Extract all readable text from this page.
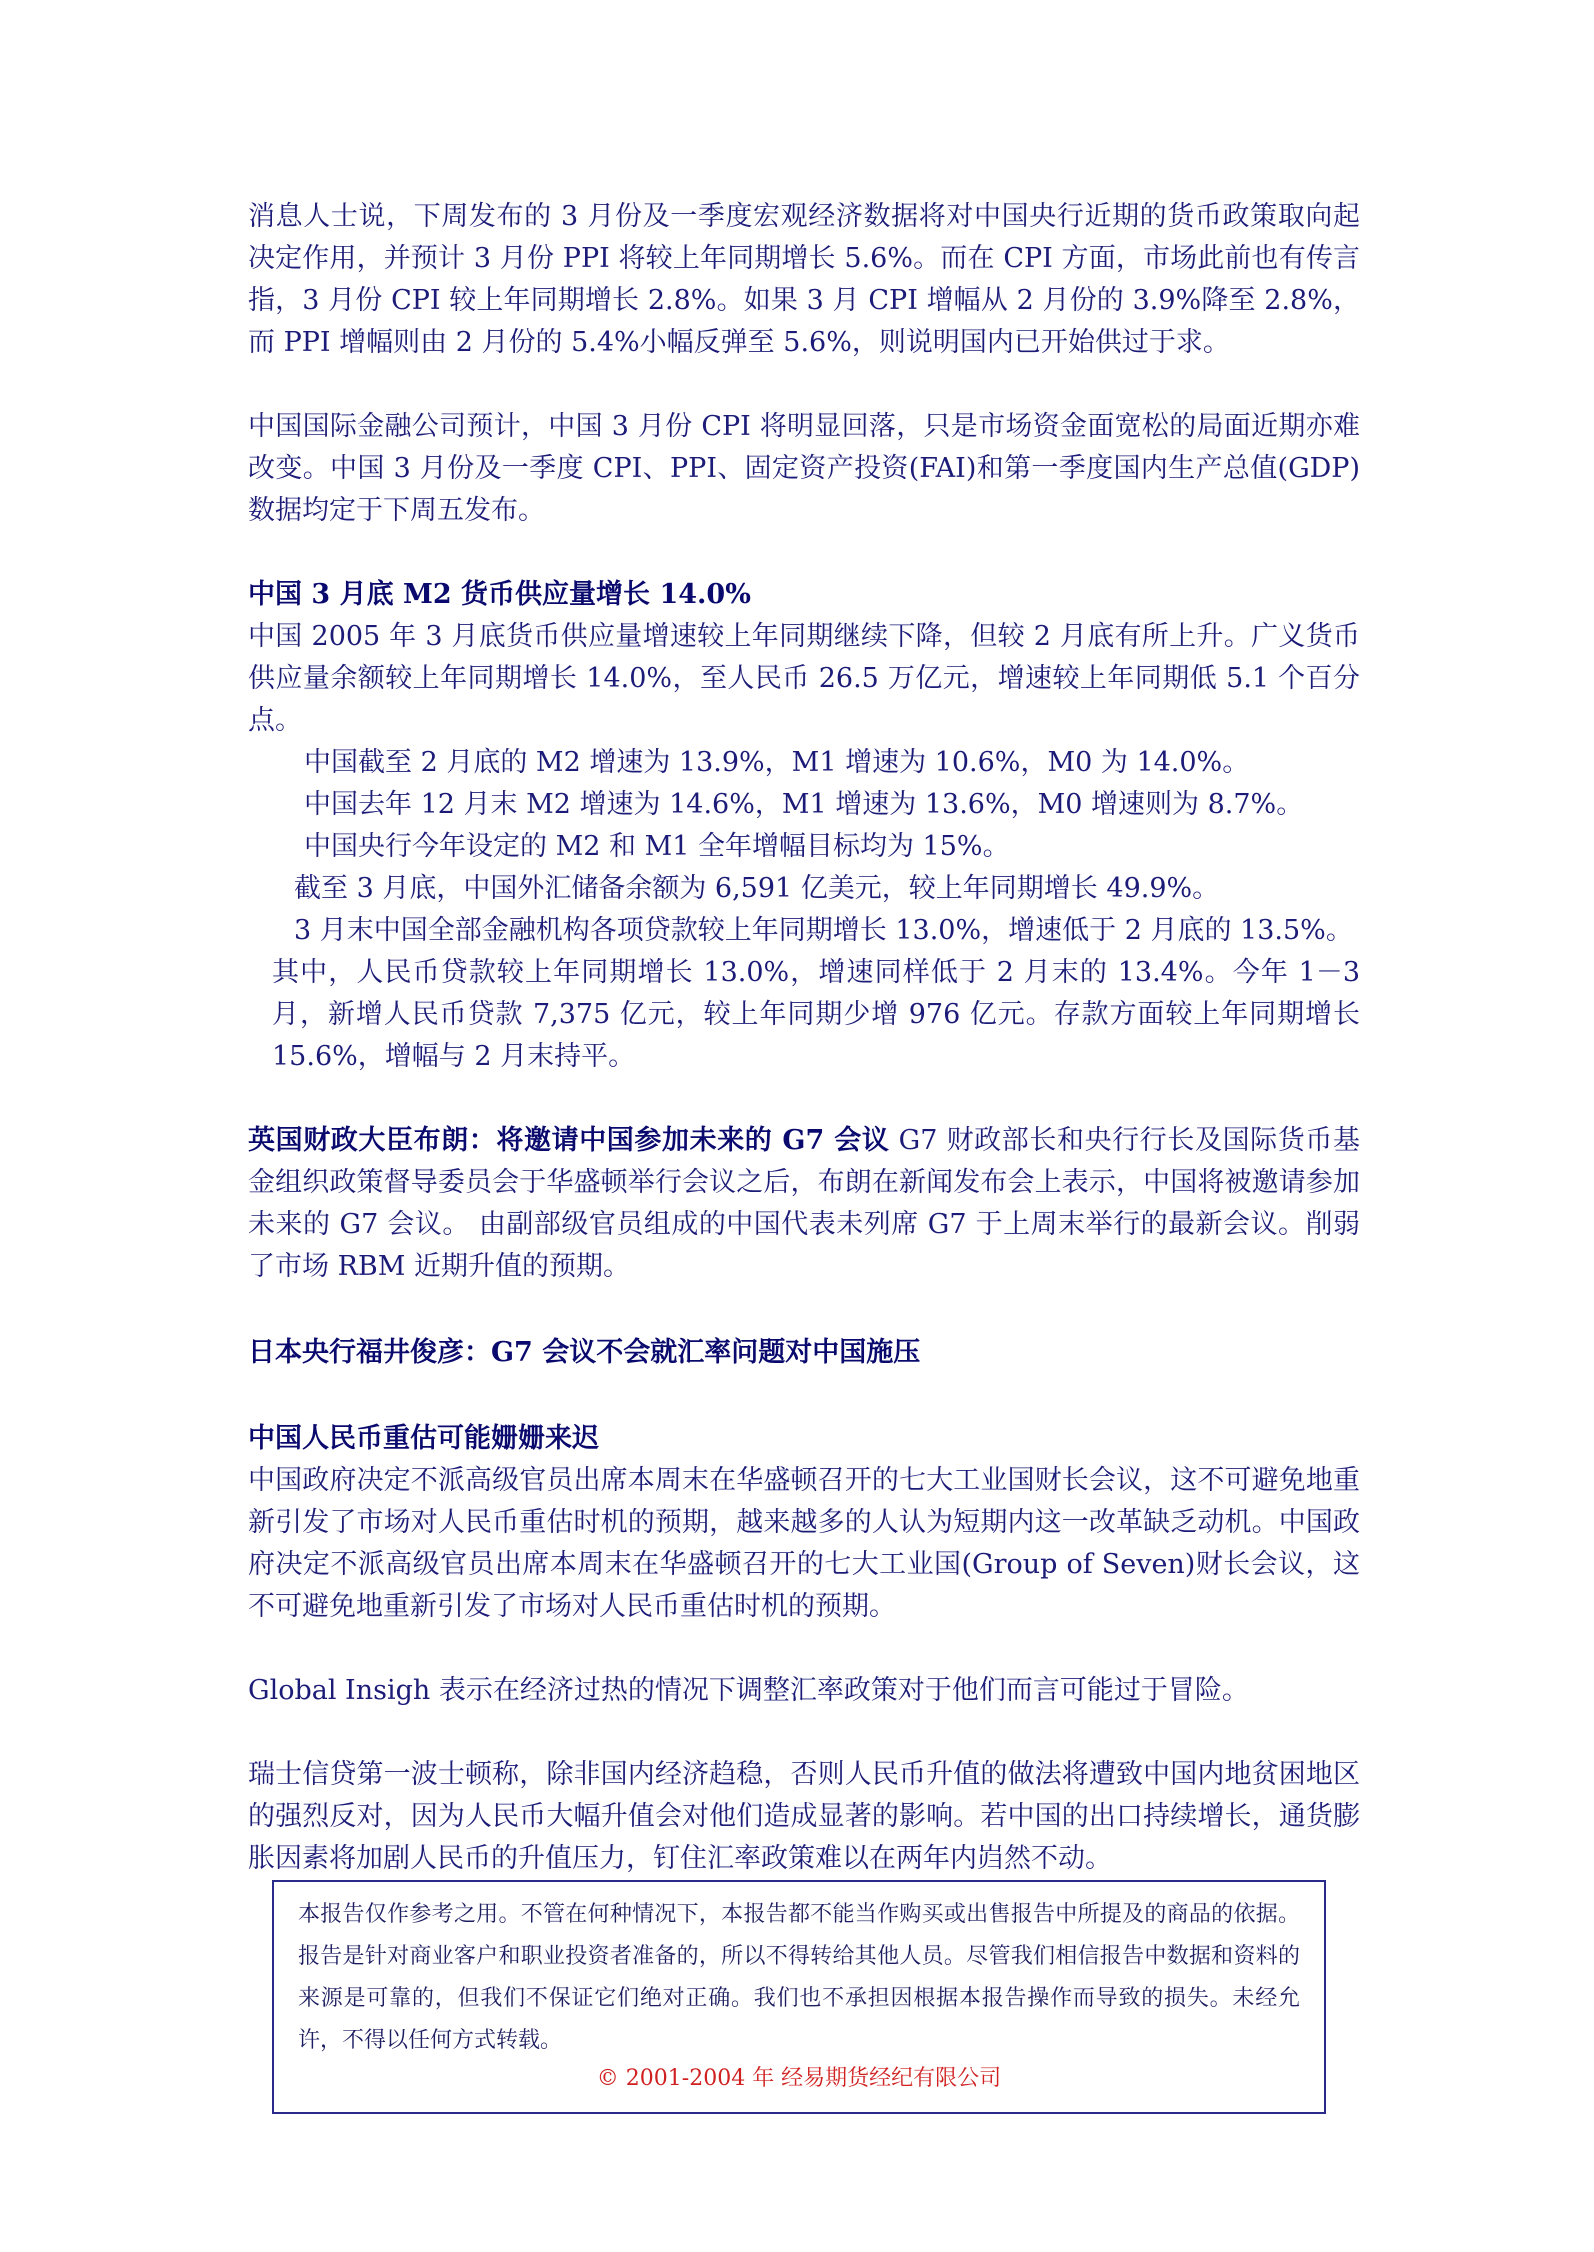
消息人士说，下周发布的 3 月份及一季度宏观经济数据将对中国央行近期的货币政策取向起决定作用，并预计 3 月份 PPI 将较上年同期增长 5.6%。而在 CPI 方面，市场此前也有传言指，3 月份 CPI 较上年同期增长 2.8%。如果 3 月 CPI 增幅从 2 月份的 3.9%降至 2.8%，而 PPI 增幅则由 2 月份的 5.4%小幅反弹至 5.6%，则说明国内已开始供过于求。

中国国际金融公司预计，中国 3 月份 CPI 将明显回落，只是市场资金面宽松的局面近期亦难改变。中国 3 月份及一季度 CPI、PPI、固定资产投资(FAI)和第一季度国内生产总值(GDP)数据均定于下周五发布。

中国 3 月底 M2 货币供应量增长 14.0%

中国 2005 年 3 月底货币供应量增速较上年同期继续下降，但较 2 月底有所上升。广义货币供应量余额较上年同期增长 14.0%，至人民币 26.5 万亿元，增速较上年同期低 5.1 个百分点。

中国截至 2 月底的 M2 增速为 13.9%，M1 增速为 10.6%，M0 为 14.0%。

中国去年 12 月末 M2 增速为 14.6%，M1 增速为 13.6%，M0 增速则为 8.7%。

中国央行今年设定的 M2 和 M1 全年增幅目标均为 15%。

截至 3 月底，中国外汇储备余额为 6,591 亿美元，较上年同期增长 49.9%。

3 月末中国全部金融机构各项贷款较上年同期增长 13.0%，增速低于 2 月底的 13.5%。

其中，人民币贷款较上年同期增长 13.0%，增速同样低于 2 月末的 13.4%。今年 1－3 月，新增人民币贷款 7,375 亿元，较上年同期少增 976 亿元。存款方面较上年同期增长 15.6%，增幅与 2 月末持平。

英国财政大臣布朗：将邀请中国参加未来的 G7 会议 G7 财政部长和央行行长及国际货币基金组织政策督导委员会于华盛顿举行会议之后，布朗在新闻发布会上表示，中国将被邀请参加未来的 G7 会议。 由副部级官员组成的中国代表未列席 G7 于上周末举行的最新会议。削弱了市场 RBM 近期升值的预期。

日本央行福井俊彦：G7 会议不会就汇率问题对中国施压
中国人民币重估可能姗姗来迟

中国政府决定不派高级官员出席本周末在华盛顿召开的七大工业国财长会议，这不可避免地重新引发了市场对人民币重估时机的预期，越来越多的人认为短期内这一改革缺乏动机。中国政府决定不派高级官员出席本周末在华盛顿召开的七大工业国(Group of Seven)财长会议，这不可避免地重新引发了市场对人民币重估时机的预期。

Global Insigh 表示在经济过热的情况下调整汇率政策对于他们而言可能过于冒险。

瑞士信贷第一波士顿称，除非国内经济趋稳，否则人民币升值的做法将遭致中国内地贫困地区的强烈反对，因为人民币大幅升值会对他们造成显著的影响。若中国的出口持续增长，通货膨胀因素将加剧人民币的升值压力，钉住汇率政策难以在两年内岿然不动。

本报告仅作参考之用。不管在何种情况下，本报告都不能当作购买或出售报告中所提及的商品的依据。报告是针对商业客户和职业投资者准备的，所以不得转给其他人员。尽管我们相信报告中数据和资料的来源是可靠的，但我们不保证它们绝对正确。我们也不承担因根据本报告操作而导致的损失。未经允许，不得以任何方式转载。

© 2001-2004 年 经易期货经纪有限公司
